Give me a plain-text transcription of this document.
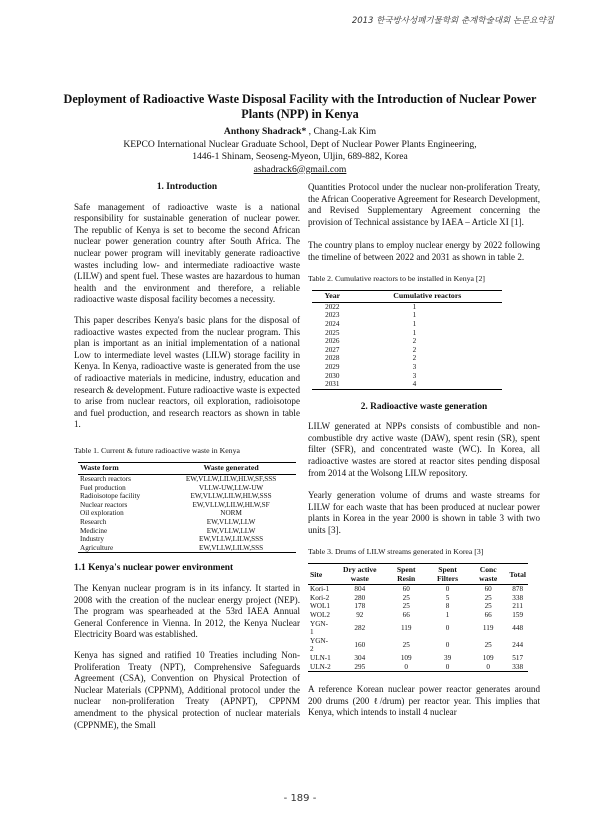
2013 한국방사성폐기물학회 춘계학술대회 논문요약집
Deployment of Radioactive Waste Disposal Facility with the Introduction of Nuclear Power Plants (NPP) in Kenya
Anthony Shadrack* , Chang-Lak Kim
KEPCO International Nuclear Graduate School, Dept of Nuclear Power Plants Engineering,
1446-1 Shinam, Seoseng-Myeon, Uljin, 689-882, Korea
ashadrack6@gmail.com
1. Introduction

Safe management of radioactive waste is a national responsibility for sustainable generation of nuclear power. The republic of Kenya is set to become the second African nuclear power generation country after South Africa. The nuclear power program will inevitably generate radioactive wastes including low- and intermediate radioactive waste (LILW) and spent fuel. These wastes are hazardous to human health and the environment and therefore, a reliable radioactive waste disposal facility becomes a necessity.

This paper describes Kenya's basic plans for the disposal of radioactive wastes expected from the nuclear program. This plan is important as an initial implementation of a national Low to intermediate level wastes (LILW) storage facility in Kenya. In Kenya, radioactive waste is generated from the use of radioactive materials in medicine, industry, education and research & development. Future radioactive waste is expected to arise from nuclear reactors, oil exploration, radioisotope and fuel production, and research reactors as shown in table 1.

Table 1. Current & future radioactive waste in Kenya
Waste form	Waste generated
Research reactors	EW,VLLW,LILW,HLW,SF,SSS
Fuel production	VLLW-UW,LLW-UW
Radioisotope facility	EW,VLLW,LILW,HLW,SSS
Nuclear reactors	EW,VLLW,LILW,HLW,SF
Oil exploration	NORM
Research	EW,VLLW,LLW
Medicine	EW,VLLW,LLW
Industry	EW,VLLW,LILW,SSS
Agriculture	EW,VLLW,LILW,SSS
1.1 Kenya's nuclear power environment

The Kenyan nuclear program is in its infancy. It started in 2008 with the creation of the nuclear energy project (NEP). The program was spearheaded at the 53rd IAEA Annual General Conference in Vienna. In 2012, the Kenya Nuclear Electricity Board was established.

Kenya has signed and ratified 10 Treaties including Non-Proliferation Treaty (NPT), Comprehensive Safeguards Agreement (CSA), Convention on Physical Protection of Nuclear Materials (CPPNM), Additional protocol under the nuclear non-proliferation Treaty (APNPT), CPPNM amendment to the physical protection of nuclear materials (CPPNME), the Small

Quantities Protocol under the nuclear non-proliferation Treaty, the African Cooperative Agreement for Research Development, and Revised Supplementary Agreement concerning the provision of Technical assistance by IAEA – Article XI [1].

The country plans to employ nuclear energy by 2022 following the timeline of between 2022 and 2031 as shown in table 2.

Table 2. Cumulative reactors to be installed in Kenya [2]
Year	Cumulative reactors
2022	1
2023	1
2024	1
2025	1
2026	2
2027	2
2028	2
2029	3
2030	3
2031	4
2. Radioactive waste generation

LILW generated at NPPs consists of combustible and non-combustible dry active waste (DAW), spent resin (SR), spent filter (SFR), and concentrated waste (WC). In Korea, all radioactive wastes are stored at reactor sites pending disposal from 2014 at the Wolsong LILW repository.

Yearly generation volume of drums and waste streams for LILW for each waste that has been produced at nuclear power plants in Korea in the year 2000 is shown in table 3 with two units [3].

Table 3. Drums of LILW streams generated in Korea [3]
Site	Dry active waste	Spent Resin	Spent Filters	Conc waste	Total
Kori-1	804	60	0	60	878
Kori-2	280	25	5	25	338
WOL1	178	25	8	25	211
WOL2	92	66	1	66	159
YGN-1	282	119	0	119	448
YGN-2	160	25	0	25	244
ULN-1	304	109	39	109	517
ULN-2	295	0	0	0	338

A reference Korean nuclear power reactor generates around 200 drums (200 ℓ/drum) per reactor year. This implies that Kenya, which intends to install 4 nuclear

- 189 -
